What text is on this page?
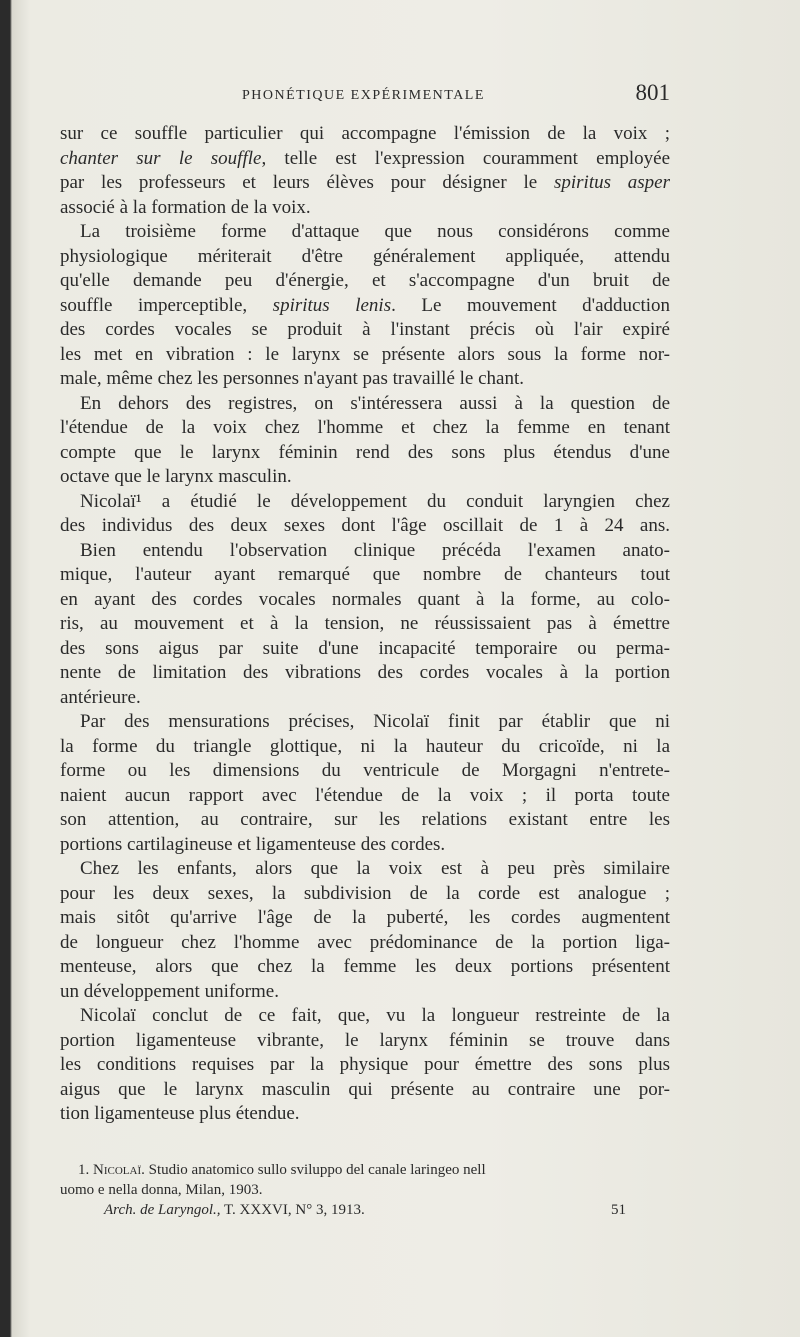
PHONÉTIQUE EXPÉRIMENTALE	801
sur ce souffle particulier qui accompagne l'émission de la voix ;
chanter sur le souffle, telle est l'expression couramment employée
par les professeurs et leurs élèves pour désigner le spiritus asper
associé à la formation de la voix.
La troisième forme d'attaque que nous considérons comme
physiologique mériterait d'être généralement appliquée, attendu
qu'elle demande peu d'énergie, et s'accompagne d'un bruit de
souffle imperceptible, spiritus lenis. Le mouvement d'adduction
des cordes vocales se produit à l'instant précis où l'air expiré
les met en vibration : le larynx se présente alors sous la forme nor-
male, même chez les personnes n'ayant pas travaillé le chant.
En dehors des registres, on s'intéressera aussi à la question de
l'étendue de la voix chez l'homme et chez la femme en tenant
compte que le larynx féminin rend des sons plus étendus d'une
octave que le larynx masculin.
Nicolaï¹ a étudié le développement du conduit laryngien chez
des individus des deux sexes dont l'âge oscillait de 1 à 24 ans.
Bien entendu l'observation clinique précéda l'examen anato-
mique, l'auteur ayant remarqué que nombre de chanteurs tout
en ayant des cordes vocales normales quant à la forme, au colo-
ris, au mouvement et à la tension, ne réussissaient pas à émettre
des sons aigus par suite d'une incapacité temporaire ou perma-
nente de limitation des vibrations des cordes vocales à la portion
antérieure.
Par des mensurations précises, Nicolaï finit par établir que ni
la forme du triangle glottique, ni la hauteur du cricoïde, ni la
forme ou les dimensions du ventricule de Morgagni n'entrete-
naient aucun rapport avec l'étendue de la voix ; il porta toute
son attention, au contraire, sur les relations existant entre les
portions cartilagineuse et ligamenteuse des cordes.
Chez les enfants, alors que la voix est à peu près similaire
pour les deux sexes, la subdivision de la corde est analogue ;
mais sitôt qu'arrive l'âge de la puberté, les cordes augmentent
de longueur chez l'homme avec prédominance de la portion liga-
menteuse, alors que chez la femme les deux portions présentent
un développement uniforme.
Nicolaï conclut de ce fait, que, vu la longueur restreinte de la
portion ligamenteuse vibrante, le larynx féminin se trouve dans
les conditions requises par la physique pour émettre des sons plus
aigus que le larynx masculin qui présente au contraire une por-
tion ligamenteuse plus étendue.
1. Nicolaï. Studio anatomico sullo sviluppo del canale laringeo nell
uomo e nella donna, Milan, 1903.
Arch. de Laryngol., T. XXXVI, N° 3, 1913.	51
